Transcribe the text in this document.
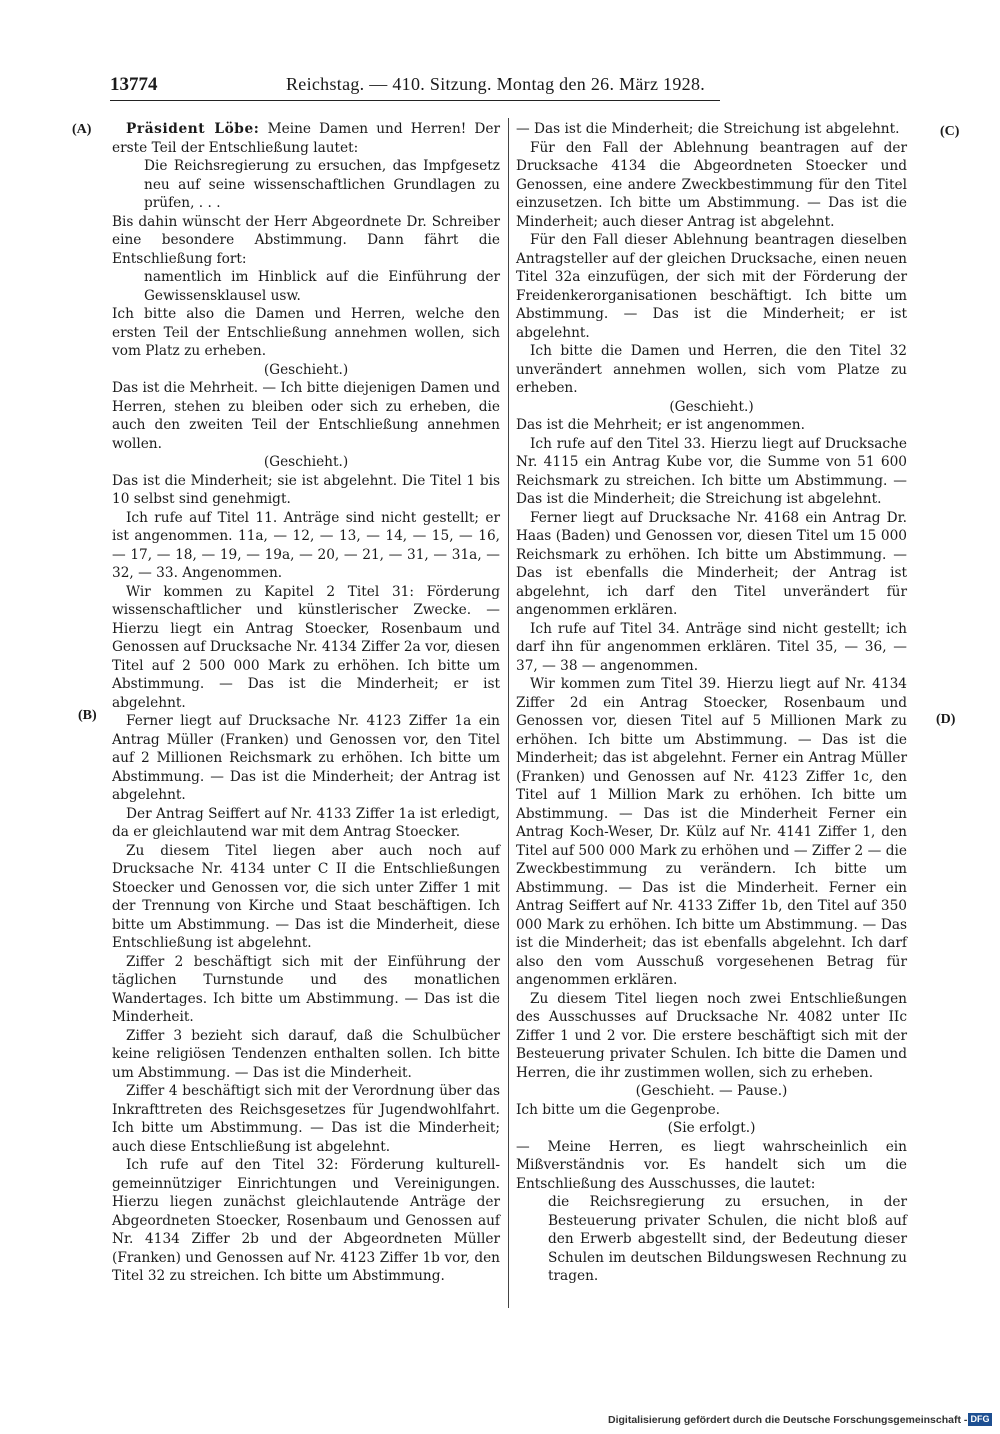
13774	Reichstag. — 410. Sitzung. Montag den 26. März 1928.
(A)
(B)
(C)
(D)

Präsident Löbe: Meine Damen und Herren! Der erste Teil der Entschließung lautet:

Die Reichsregierung zu ersuchen, das Impfgesetz neu auf seine wissenschaftlichen Grundlagen zu prüfen, . . .

Bis dahin wünscht der Herr Abgeordnete Dr. Schreiber eine besondere Abstimmung. Dann fährt die Entschließung fort:

namentlich im Hinblick auf die Einführung der Gewissensklausel usw.

Ich bitte also die Damen und Herren, welche den ersten Teil der Entschließung annehmen wollen, sich vom Platz zu erheben.

(Geschieht.)

Das ist die Mehrheit. — Ich bitte diejenigen Damen und Herren, stehen zu bleiben oder sich zu erheben, die auch den zweiten Teil der Entschließung annehmen wollen.

(Geschieht.)

Das ist die Minderheit; sie ist abgelehnt. Die Titel 1 bis 10 selbst sind genehmigt.

Ich rufe auf Titel 11. Anträge sind nicht gestellt; er ist angenommen. 11a, — 12, — 13, — 14, — 15, — 16, — 17, — 18, — 19, — 19a, — 20, — 21, — 31, — 31a, — 32, — 33. Angenommen.

Wir kommen zu Kapitel 2 Titel 31: Förderung wissenschaftlicher und künstlerischer Zwecke. — Hierzu liegt ein Antrag Stoecker, Rosenbaum und Genossen auf Drucksache Nr. 4134 Ziffer 2a vor, diesen Titel auf 2 500 000 Mark zu erhöhen. Ich bitte um Abstimmung. — Das ist die Minderheit; er ist abgelehnt.

Ferner liegt auf Drucksache Nr. 4123 Ziffer 1a ein Antrag Müller (Franken) und Genossen vor, den Titel auf 2 Millionen Reichsmark zu erhöhen. Ich bitte um Abstimmung. — Das ist die Minderheit; der Antrag ist abgelehnt.

Der Antrag Seiffert auf Nr. 4133 Ziffer 1a ist erledigt, da er gleichlautend war mit dem Antrag Stoecker.

Zu diesem Titel liegen aber auch noch auf Drucksache Nr. 4134 unter C II die Entschließungen Stoecker und Genossen vor, die sich unter Ziffer 1 mit der Trennung von Kirche und Staat beschäftigen. Ich bitte um Abstimmung. — Das ist die Minderheit, diese Entschließung ist abgelehnt.

Ziffer 2 beschäftigt sich mit der Einführung der täglichen Turnstunde und des monatlichen Wandertages. Ich bitte um Abstimmung. — Das ist die Minderheit.

Ziffer 3 bezieht sich darauf, daß die Schulbücher keine religiösen Tendenzen enthalten sollen. Ich bitte um Abstimmung. — Das ist die Minderheit.

Ziffer 4 beschäftigt sich mit der Verordnung über das Inkrafttreten des Reichsgesetzes für Jugendwohlfahrt. Ich bitte um Abstimmung. — Das ist die Minderheit; auch diese Entschließung ist abgelehnt.

Ich rufe auf den Titel 32: Förderung kulturell-gemeinnütziger Einrichtungen und Vereinigungen. Hierzu liegen zunächst gleichlautende Anträge der Abgeordneten Stoecker, Rosenbaum und Genossen auf Nr. 4134 Ziffer 2b und der Abgeordneten Müller (Franken) und Genossen auf Nr. 4123 Ziffer 1b vor, den Titel 32 zu streichen. Ich bitte um Abstimmung.

— Das ist die Minderheit; die Streichung ist abgelehnt.

Für den Fall der Ablehnung beantragen auf der Drucksache 4134 die Abgeordneten Stoecker und Genossen, eine andere Zweckbestimmung für den Titel einzusetzen. Ich bitte um Abstimmung. — Das ist die Minderheit; auch dieser Antrag ist abgelehnt.

Für den Fall dieser Ablehnung beantragen dieselben Antragsteller auf der gleichen Drucksache, einen neuen Titel 32a einzufügen, der sich mit der Förderung der Freidenkerorganisationen beschäftigt. Ich bitte um Abstimmung. — Das ist die Minderheit; er ist abgelehnt.

Ich bitte die Damen und Herren, die den Titel 32 unverändert annehmen wollen, sich vom Platze zu erheben.

(Geschieht.)

Das ist die Mehrheit; er ist angenommen.

Ich rufe auf den Titel 33. Hierzu liegt auf Drucksache Nr. 4115 ein Antrag Kube vor, die Summe von 51 600 Reichsmark zu streichen. Ich bitte um Abstimmung. — Das ist die Minderheit; die Streichung ist abgelehnt.

Ferner liegt auf Drucksache Nr. 4168 ein Antrag Dr. Haas (Baden) und Genossen vor, diesen Titel um 15 000 Reichsmark zu erhöhen. Ich bitte um Abstimmung. — Das ist ebenfalls die Minderheit; der Antrag ist abgelehnt, ich darf den Titel unverändert für angenommen erklären.

Ich rufe auf Titel 34. Anträge sind nicht gestellt; ich darf ihn für angenommen erklären. Titel 35, — 36, — 37, — 38 — angenommen.

Wir kommen zum Titel 39. Hierzu liegt auf Nr. 4134 Ziffer 2d ein Antrag Stoecker, Rosenbaum und Genossen vor, diesen Titel auf 5 Millionen Mark zu erhöhen. Ich bitte um Abstimmung. — Das ist die Minderheit; das ist abgelehnt. Ferner ein Antrag Müller (Franken) und Genossen auf Nr. 4123 Ziffer 1c, den Titel auf 1 Million Mark zu erhöhen. Ich bitte um Abstimmung. — Das ist die Minderheit Ferner ein Antrag Koch-Weser, Dr. Külz auf Nr. 4141 Ziffer 1, den Titel auf 500 000 Mark zu erhöhen und — Ziffer 2 — die Zweckbestimmung zu verändern. Ich bitte um Abstimmung. — Das ist die Minderheit. Ferner ein Antrag Seiffert auf Nr. 4133 Ziffer 1b, den Titel auf 350 000 Mark zu erhöhen. Ich bitte um Abstimmung. — Das ist die Minderheit; das ist ebenfalls abgelehnt. Ich darf also den vom Ausschuß vorgesehenen Betrag für angenommen erklären.

Zu diesem Titel liegen noch zwei Entschließungen des Ausschusses auf Drucksache Nr. 4082 unter IIc Ziffer 1 und 2 vor. Die erstere beschäftigt sich mit der Besteuerung privater Schulen. Ich bitte die Damen und Herren, die ihr zustimmen wollen, sich zu erheben.

(Geschieht. — Pause.)

Ich bitte um die Gegenprobe.

(Sie erfolgt.)

— Meine Herren, es liegt wahrscheinlich ein Mißverständnis vor. Es handelt sich um die Entschließung des Ausschusses, die lautet:

die Reichsregierung zu ersuchen, in der Besteuerung privater Schulen, die nicht bloß auf den Erwerb abgestellt sind, der Bedeutung dieser Schulen im deutschen Bildungswesen Rechnung zu tragen.

Digitalisierung gefördert durch die Deutsche Forschungsgemeinschaft - DFG
